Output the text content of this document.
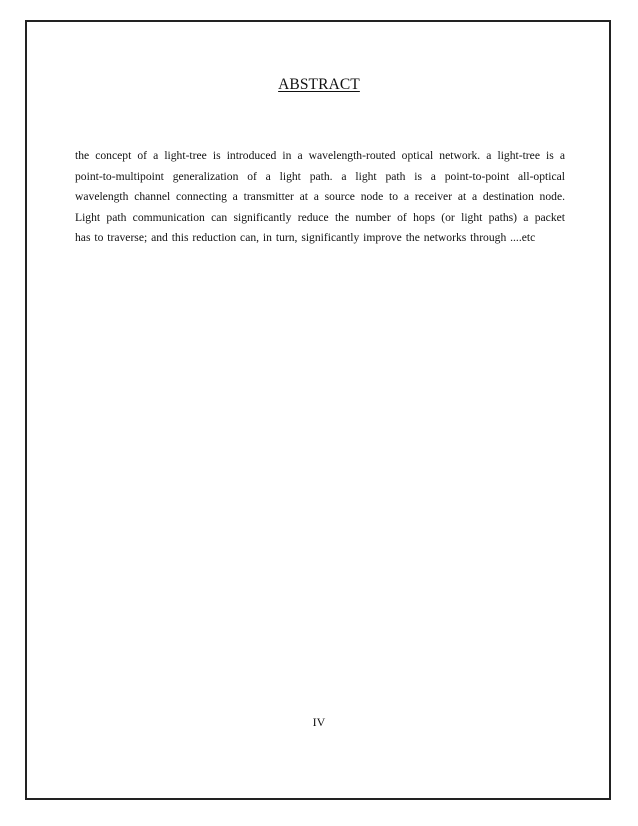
ABSTRACT
the concept of a light-tree is introduced in a wavelength-routed optical network. a light-tree is a
point-to-multipoint generalization of a light path. a light path is a point-to-point all-optical
wavelength channel connecting a transmitter at a source node to a receiver at a destination node.
Light path communication can significantly reduce the number of hops (or light paths) a packet
has to traverse; and this reduction can, in turn, significantly improve the networks through ....etc
IV
